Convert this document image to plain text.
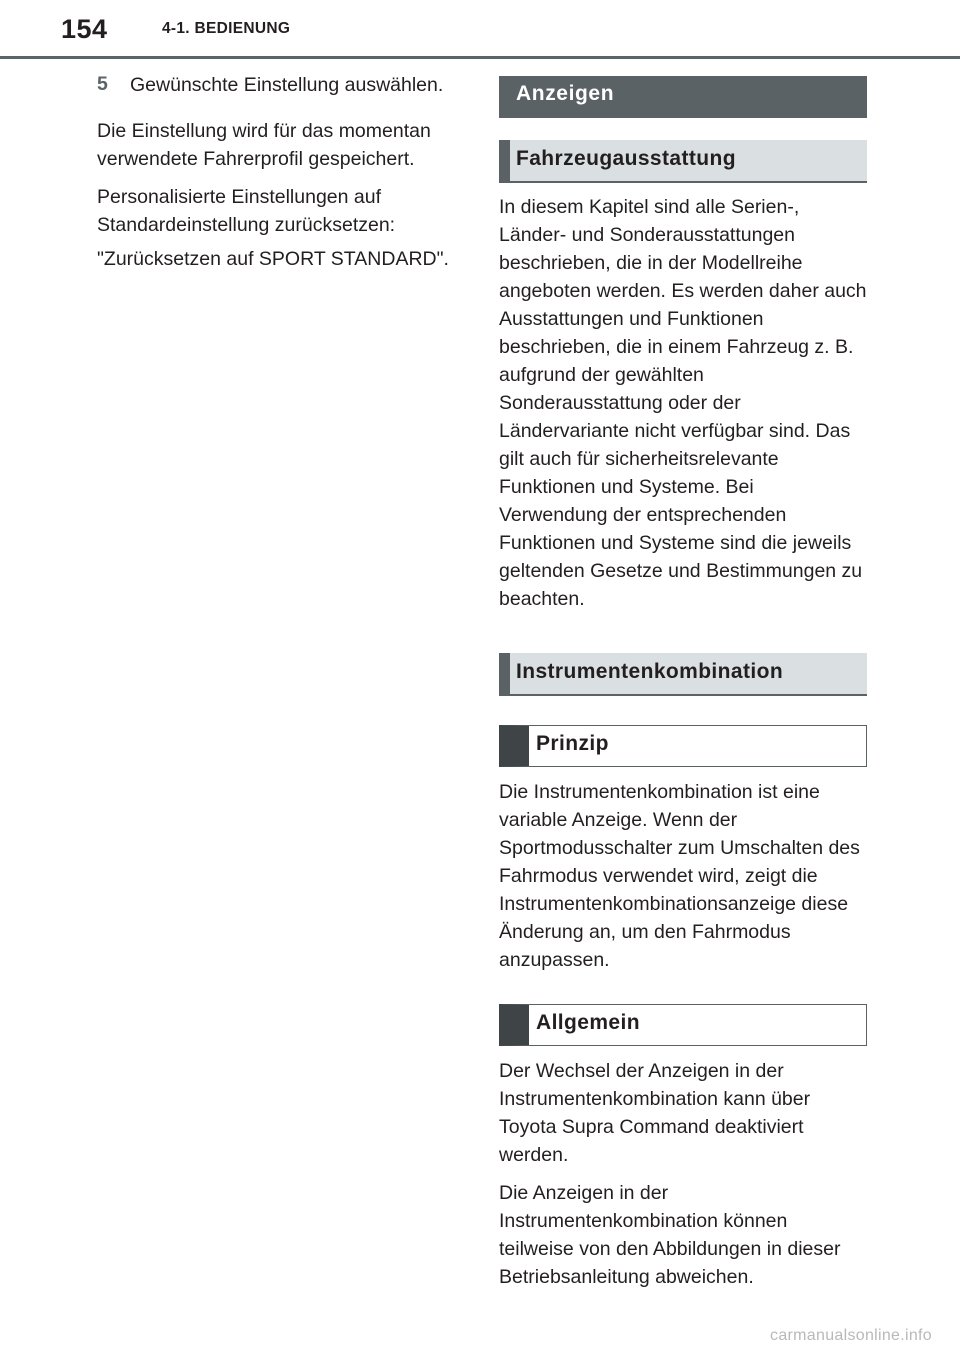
154	4-1. BEDIENUNG
5 Gewünschte Einstellung auswählen.

Die Einstellung wird für das momentan verwendete Fahrerprofil gespeichert.

Personalisierte Einstellungen auf Standardeinstellung zurücksetzen:

"Zurücksetzen auf SPORT STANDARD".

Anzeigen
Fahrzeugausstattung

In diesem Kapitel sind alle Serien-, Länder- und Sonderausstattungen beschrieben, die in der Modellreihe angeboten werden. Es werden daher auch Ausstattungen und Funktionen beschrieben, die in einem Fahrzeug z. B. aufgrund der gewählten Sonderausstattung oder der Ländervariante nicht verfügbar sind. Das gilt auch für sicherheitsrelevante Funktionen und Systeme. Bei Verwendung der entsprechenden Funktionen und Systeme sind die jeweils geltenden Gesetze und Bestimmungen zu beachten.

Instrumentenkombination
Prinzip

Die Instrumentenkombination ist eine variable Anzeige. Wenn der Sportmodusschalter zum Umschalten des Fahrmodus verwendet wird, zeigt die Instrumentenkombinationsanzeige diese Änderung an, um den Fahrmodus anzupassen.

Allgemein

Der Wechsel der Anzeigen in der Instrumentenkombination kann über Toyota Supra Command deaktiviert werden.

Die Anzeigen in der Instrumentenkombination können teilweise von den Abbildungen in dieser Betriebsanleitung abweichen.

carmanualsonline.info
